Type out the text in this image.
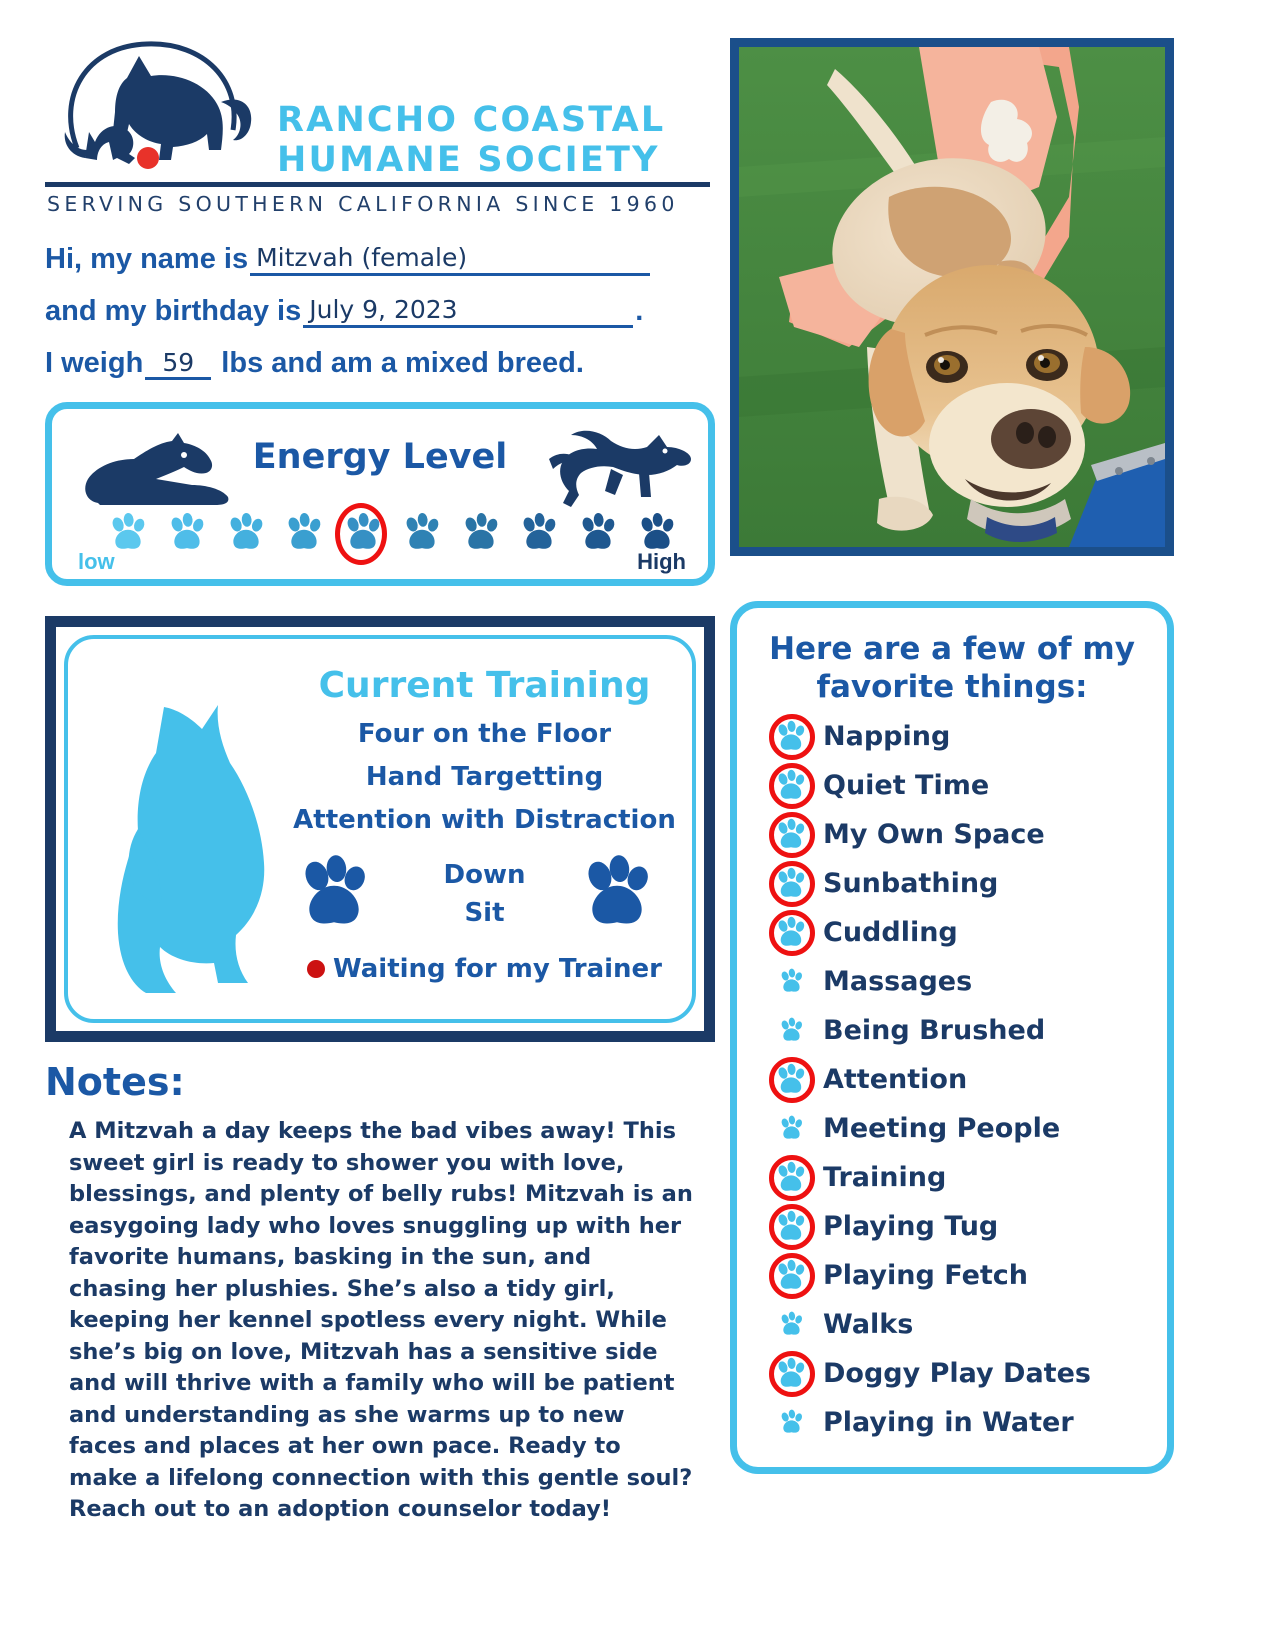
RANCHO COASTAL
HUMANE SOCIETY
SERVING SOUTHERN CALIFORNIA SINCE 1960
Hi, my name is Mitzvah (female)
and my birthday is July 9, 2023	.
I weigh 59 lbs and am a mixed breed.
Energy Level
low	High
Current Training
Four on the Floor
Hand Targetting
Attention with Distraction
Down
Sit
Waiting for my Trainer
Notes:
A Mitzvah a day keeps the bad vibes away! This sweet girl is ready to shower you with love, blessings, and plenty of belly rubs! Mitzvah is an easygoing lady who loves snuggling up with her favorite humans, basking in the sun, and chasing her plushies. She’s also a tidy girl, keeping her kennel spotless every night. While she’s big on love, Mitzvah has a sensitive side and will thrive with a family who will be patient and understanding as she warms up to new faces and places at her own pace. Ready to make a lifelong connection with this gentle soul? Reach out to an adoption counselor today!
Here are a few of my favorite things:
Napping
Quiet Time
My Own Space
Sunbathing
Cuddling
Massages
Being Brushed
Attention
Meeting People
Training
Playing Tug
Playing Fetch
Walks
Doggy Play Dates
Playing in Water
